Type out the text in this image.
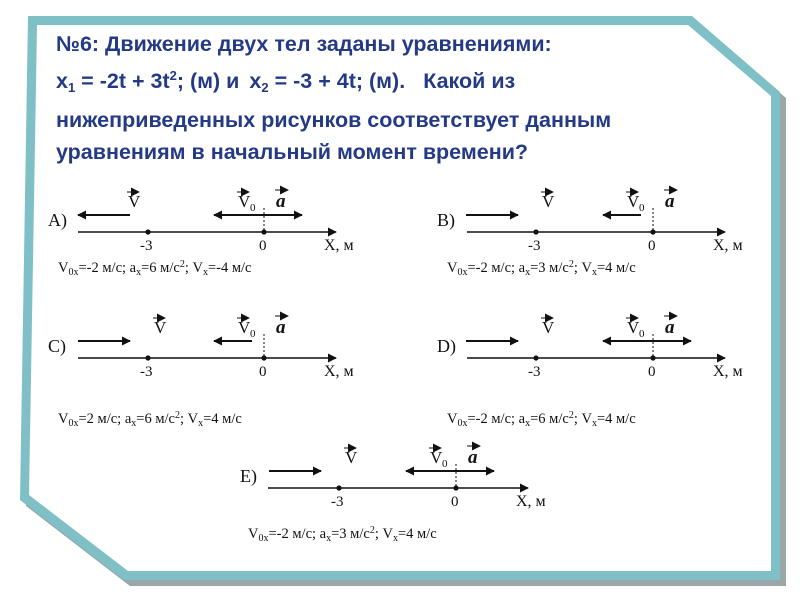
№6: Движение двух тел заданы уравнениями:
$x_1 = -2t + 3t^2$; (м) и $x_2 = -3 + 4t$; (м). Какой из
нижеприведенных рисунков соответствует данным
уравнениям в начальный момент времени?
A)
X, м
-3	0
V	V 0 a
V0x=-2 м/с; ax=6 м/с2; Vx=-4 м/с
B)
X, м
-3	0
V	V 0 a
V0x=-2 м/с; ax=3 м/с2; Vx=4 м/с
C)
X, м
-3	0
V	V 0 a
V0x=2 м/с; ax=6 м/с2; Vx=4 м/с
D)
X, м
-3	0
V	V 0 a
V0x=-2 м/с; ax=6 м/с2; Vx=4 м/с
E)
X, м
-3	0
V	V 0 a
V0x=-2 м/с; ax=3 м/с2; Vx=4 м/с
